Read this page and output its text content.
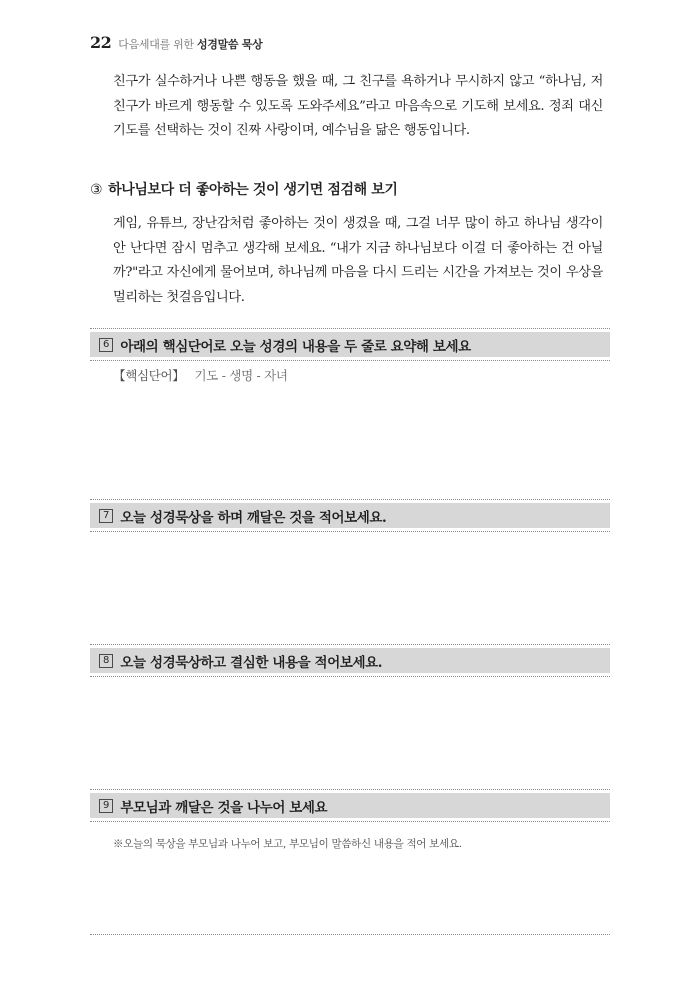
22 다음세대를 위한 성경말씀 묵상
친구가 실수하거나 나쁜 행동을 했을 때, 그 친구를 욕하거나 무시하지 않고 “하나님, 저 친구가 바르게 행동할 수 있도록 도와주세요”라고 마음속으로 기도해 보세요. 정죄 대신 기도를 선택하는 것이 진짜 사랑이며, 예수님을 닮은 행동입니다.
③ 하나님보다 더 좋아하는 것이 생기면 점검해 보기
게임, 유튜브, 장난감처럼 좋아하는 것이 생겼을 때, 그걸 너무 많이 하고 하나님 생각이 안 난다면 잠시 멈추고 생각해 보세요. “내가 지금 하나님보다 이걸 더 좋아하는 건 아닐까?"라고 자신에게 물어보며, 하나님께 마음을 다시 드리는 시간을 가져보는 것이 우상을 멀리하는 첫걸음입니다.
6 아래의 핵심단어로 오늘 성경의 내용을 두 줄로 요약해 보세요
【핵심단어】 기도 - 생명 - 자녀
7 오늘 성경묵상을 하며 깨달은 것을 적어보세요.
8 오늘 성경묵상하고 결심한 내용을 적어보세요.
9 부모님과 깨달은 것을 나누어 보세요
※오늘의 묵상을 부모님과 나누어 보고, 부모님이 말씀하신 내용을 적어 보세요.
